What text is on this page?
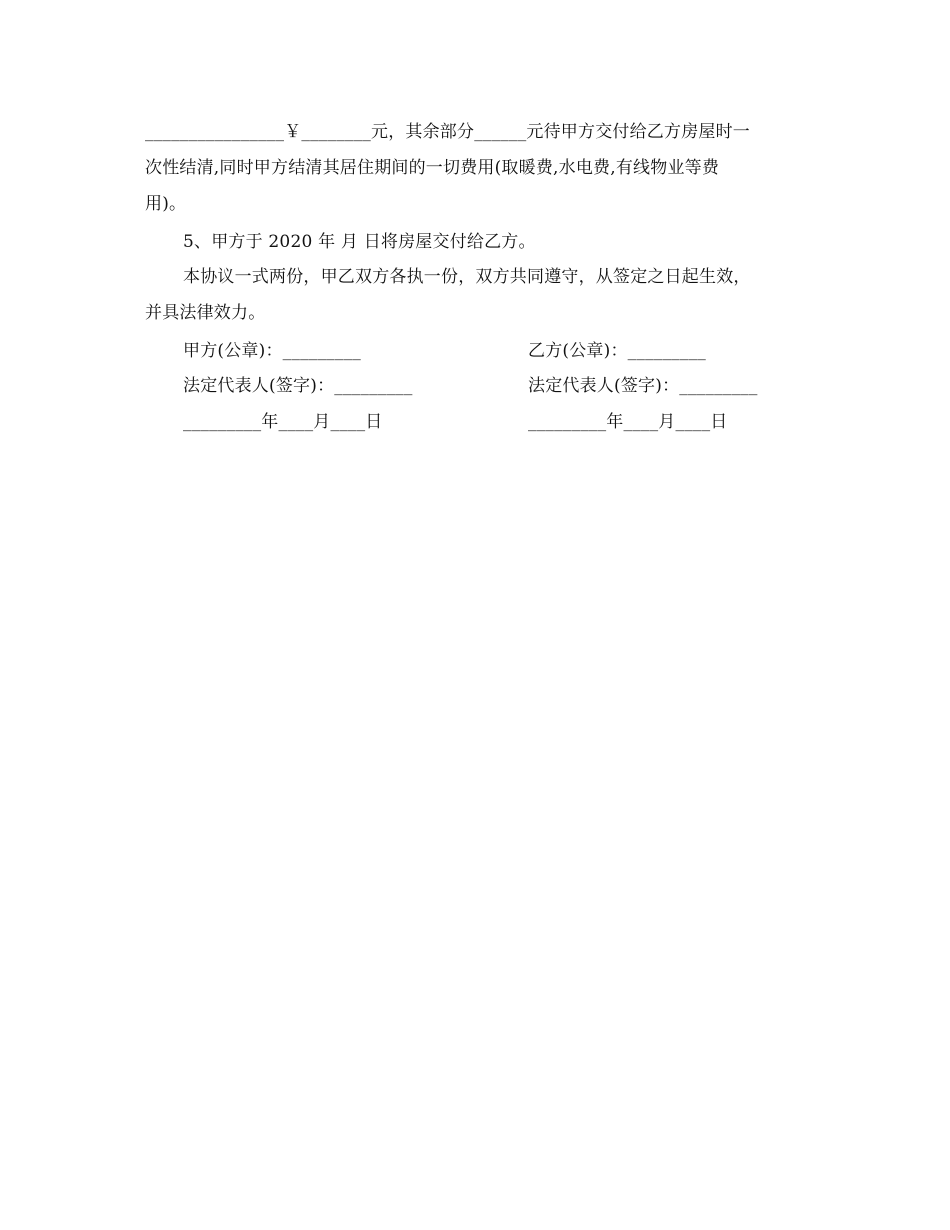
________________￥________元，其余部分______元待甲方交付给乙方房屋时一
次性结清,同时甲方结清其居住期间的一切费用(取暖费,水电费,有线物业等费
用)。
5、甲方于 2020 年 月 日将房屋交付给乙方。
本协议一式两份，甲乙双方各执一份，双方共同遵守，从签定之日起生效，
并具法律效力。
甲方(公章)：_________	乙方(公章)：_________
法定代表人(签字)：_________	法定代表人(签字)：_________
_________年____月____日	_________年____月____日
